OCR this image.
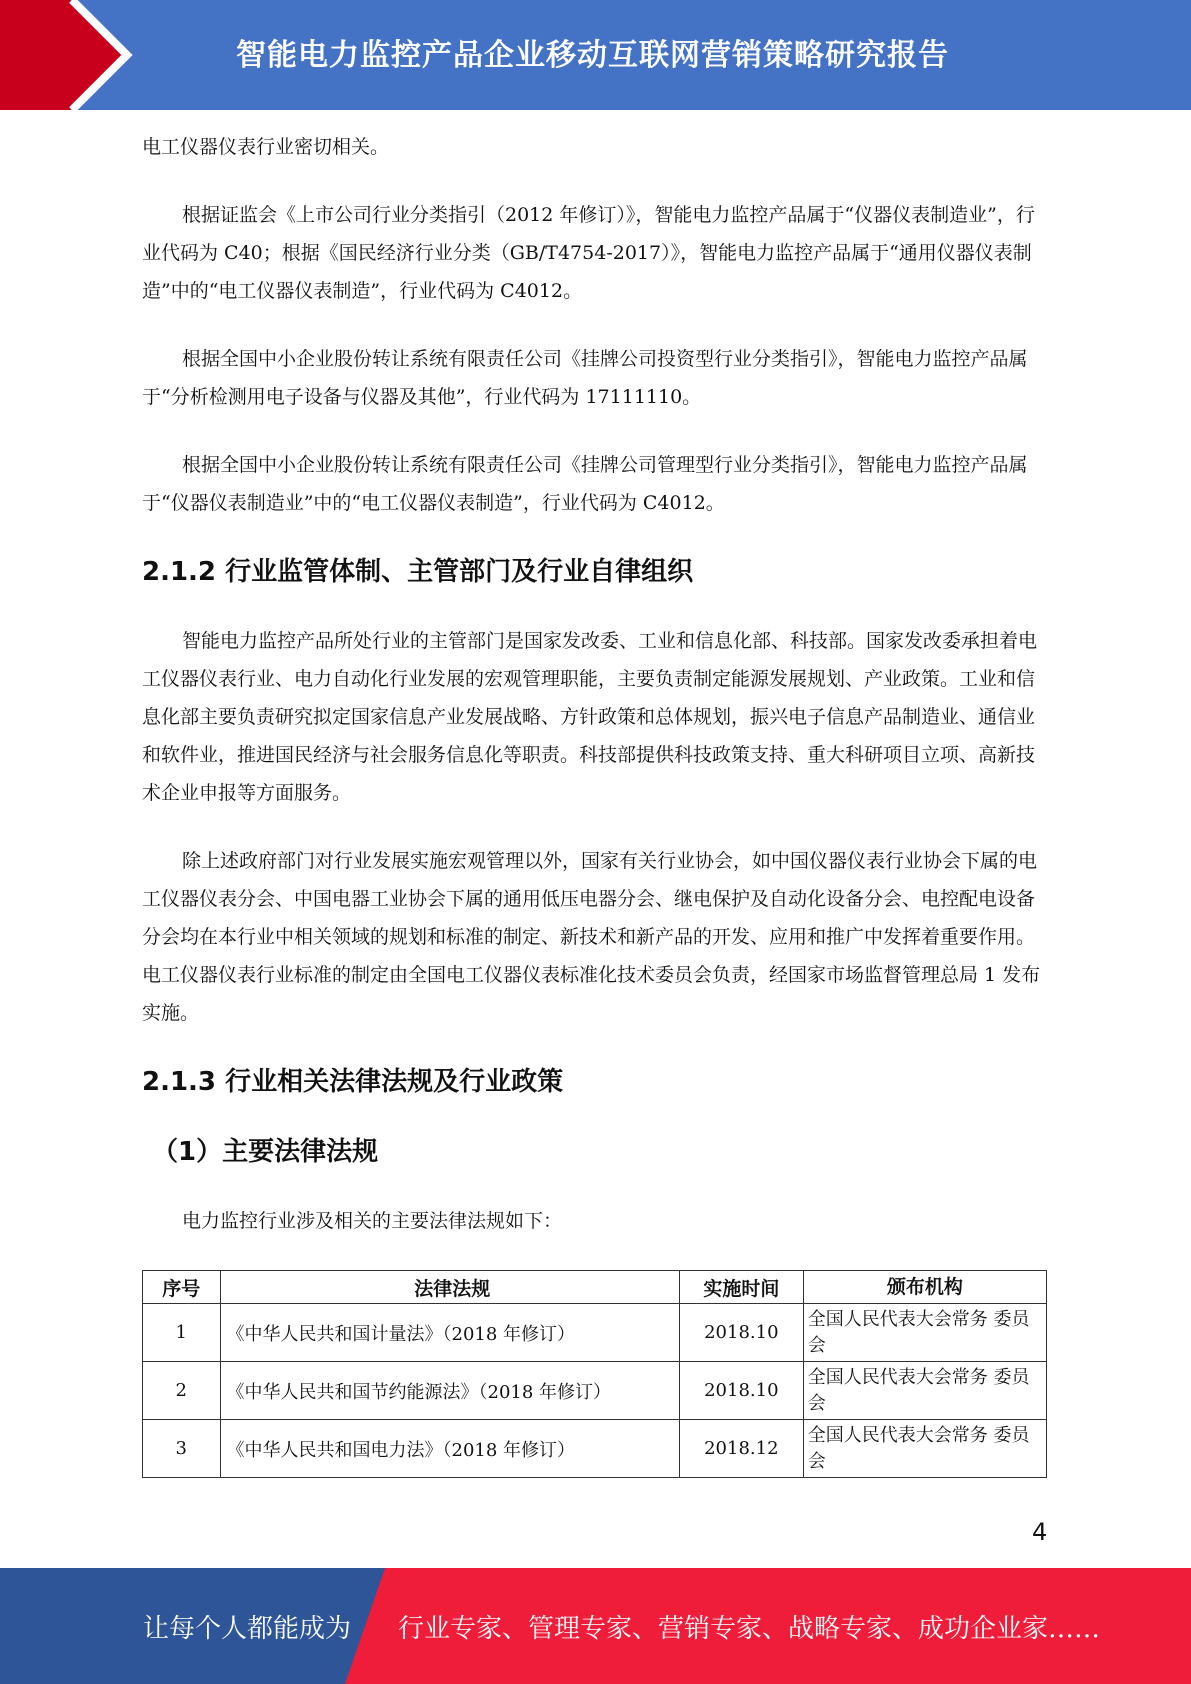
智能电力监控产品企业移动互联网营销策略研究报告

电工仪器仪表行业密切相关。

根据证监会《上市公司行业分类指引（2012 年修订）》，智能电力监控产品属于“仪器仪表制造业”，行业代码为 C40；根据《国民经济行业分类（GB/T4754-2017）》，智能电力监控产品属于“通用仪器仪表制造”中的“电工仪器仪表制造”，行业代码为 C4012。

根据全国中小企业股份转让系统有限责任公司《挂牌公司投资型行业分类指引》，智能电力监控产品属于“分析检测用电子设备与仪器及其他”，行业代码为 17111110。

根据全国中小企业股份转让系统有限责任公司《挂牌公司管理型行业分类指引》，智能电力监控产品属于“仪器仪表制造业”中的“电工仪器仪表制造”，行业代码为 C4012。

2.1.2 行业监管体制、主管部门及行业自律组织

智能电力监控产品所处行业的主管部门是国家发改委、工业和信息化部、科技部。国家发改委承担着电工仪器仪表行业、电力自动化行业发展的宏观管理职能，主要负责制定能源发展规划、产业政策。工业和信息化部主要负责研究拟定国家信息产业发展战略、方针政策和总体规划，振兴电子信息产品制造业、通信业和软件业，推进国民经济与社会服务信息化等职责。科技部提供科技政策支持、重大科研项目立项、高新技术企业申报等方面服务。

除上述政府部门对行业发展实施宏观管理以外，国家有关行业协会，如中国仪器仪表行业协会下属的电工仪器仪表分会、中国电器工业协会下属的通用低压电器分会、继电保护及自动化设备分会、电控配电设备分会均在本行业中相关领域的规划和标准的制定、新技术和新产品的开发、应用和推广中发挥着重要作用。电工仪器仪表行业标准的制定由全国电工仪器仪表标准化技术委员会负责，经国家市场监督管理总局 1 发布实施。

2.1.3 行业相关法律法规及行业政策
（1）主要法律法规

电力监控行业涉及相关的主要法律法规如下：

序号	法律法规	实施时间	颁布机构
1	《中华人民共和国计量法》（2018 年修订）	2018.10	全国人民代表大会常务 委员会
2	《中华人民共和国节约能源法》（2018 年修订）	2018.10	全国人民代表大会常务 委员会
3	《中华人民共和国电力法》（2018 年修订）	2018.12	全国人民代表大会常务 委员会
4
让每个人都能成为 行业专家、管理专家、营销专家、战略专家、成功企业家……
